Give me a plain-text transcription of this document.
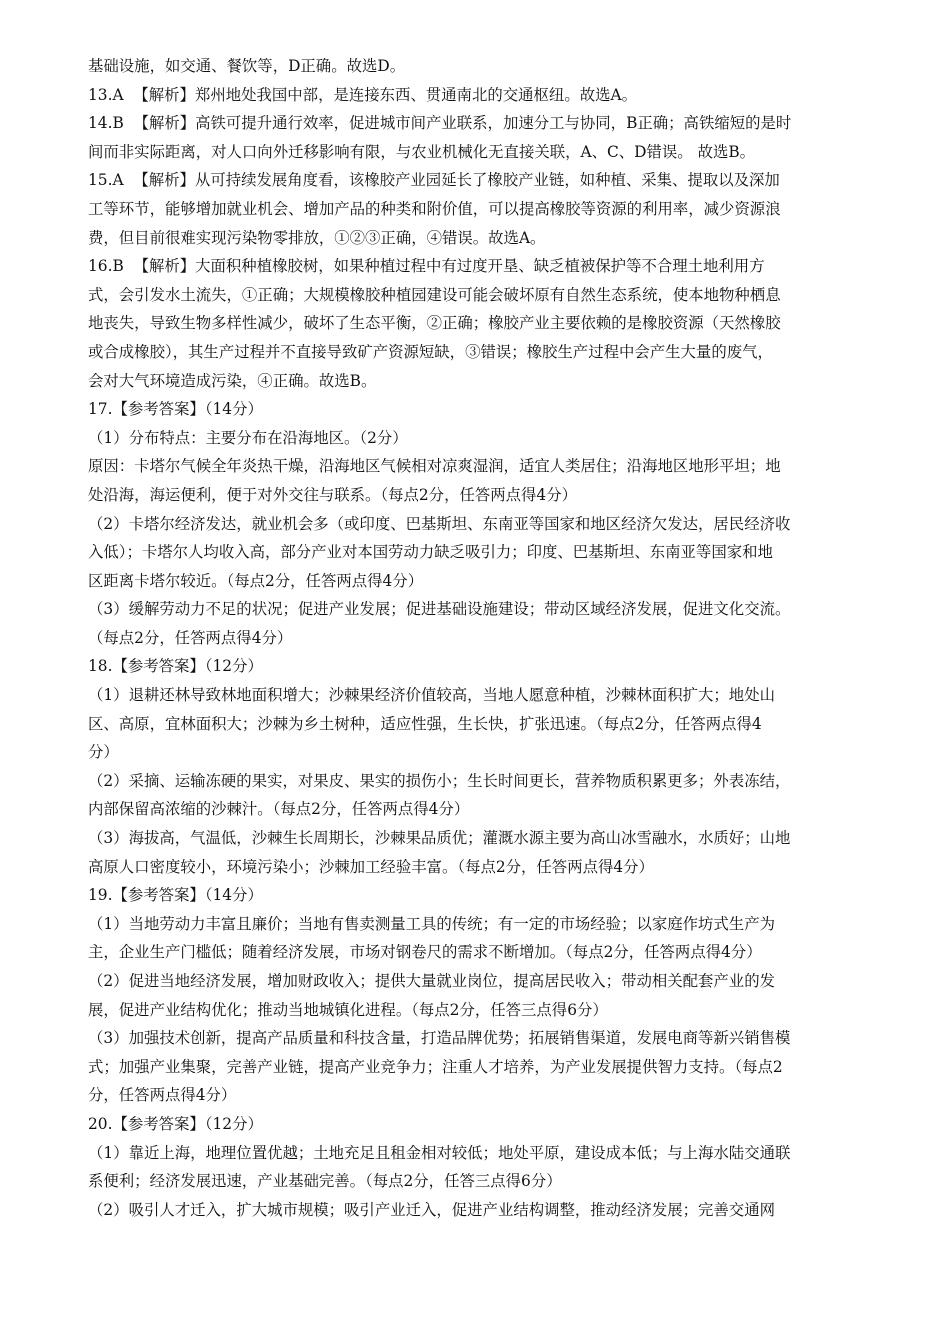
基础设施，如交通、餐饮等，D正确。故选D。
13.A  【解析】郑州地处我国中部，是连接东西、贯通南北的交通枢纽。故选A。
14.B  【解析】高铁可提升通行效率，促进城市间产业联系，加速分工与协同，B正确；高铁缩短的是时
间而非实际距离，对人口向外迁移影响有限，与农业机械化无直接关联，A、C、D错误。 故选B。
15.A  【解析】从可持续发展角度看，该橡胶产业园延长了橡胶产业链，如种植、采集、提取以及深加
工等环节，能够增加就业机会、增加产品的种类和附价值，可以提高橡胶等资源的利用率，减少资源浪
费，但目前很难实现污染物零排放，①②③正确，④错误。故选A。
16.B  【解析】大面积种植橡胶树，如果种植过程中有过度开垦、缺乏植被保护等不合理土地利用方
式，会引发水土流失，①正确；大规模橡胶种植园建设可能会破坏原有自然生态系统，使本地物种栖息
地丧失，导致生物多样性减少，破坏了生态平衡，②正确；橡胶产业主要依赖的是橡胶资源（天然橡胶
或合成橡胶），其生产过程并不直接导致矿产资源短缺，③错误；橡胶生产过程中会产生大量的废气，
会对大气环境造成污染，④正确。故选B。
17.【参考答案】（14分）
（1）分布特点：主要分布在沿海地区。（2分）
原因：卡塔尔气候全年炎热干燥，沿海地区气候相对凉爽湿润，适宜人类居住；沿海地区地形平坦；地
处沿海，海运便利，便于对外交往与联系。（每点2分，任答两点得4分）
（2）卡塔尔经济发达，就业机会多（或印度、巴基斯坦、东南亚等国家和地区经济欠发达，居民经济收
入低）；卡塔尔人均收入高，部分产业对本国劳动力缺乏吸引力；印度、巴基斯坦、东南亚等国家和地
区距离卡塔尔较近。（每点2分，任答两点得4分）
（3）缓解劳动力不足的状况；促进产业发展；促进基础设施建设；带动区域经济发展，促进文化交流。
（每点2分，任答两点得4分）
18.【参考答案】（12分）
（1）退耕还林导致林地面积增大；沙棘果经济价值较高，当地人愿意种植，沙棘林面积扩大；地处山
区、高原，宜林面积大；沙棘为乡土树种，适应性强，生长快，扩张迅速。（每点2分，任答两点得4
分）
（2）采摘、运输冻硬的果实，对果皮、果实的损伤小；生长时间更长，营养物质积累更多；外表冻结，
内部保留高浓缩的沙棘汁。（每点2分，任答两点得4分）
（3）海拔高，气温低，沙棘生长周期长，沙棘果品质优；灌溉水源主要为高山冰雪融水，水质好；山地
高原人口密度较小，环境污染小；沙棘加工经验丰富。（每点2分，任答两点得4分）
19.【参考答案】（14分）
（1）当地劳动力丰富且廉价；当地有售卖测量工具的传统；有一定的市场经验；以家庭作坊式生产为
主，企业生产门槛低；随着经济发展，市场对钢卷尺的需求不断增加。（每点2分，任答两点得4分）
（2）促进当地经济发展，增加财政收入；提供大量就业岗位，提高居民收入；带动相关配套产业的发
展，促进产业结构优化；推动当地城镇化进程。（每点2分，任答三点得6分）
（3）加强技术创新，提高产品质量和科技含量，打造品牌优势；拓展销售渠道，发展电商等新兴销售模
式；加强产业集聚，完善产业链，提高产业竞争力；注重人才培养，为产业发展提供智力支持。（每点2
分，任答两点得4分）
20.【参考答案】（12分）
（1）靠近上海，地理位置优越；土地充足且租金相对较低；地处平原，建设成本低；与上海水陆交通联
系便利；经济发展迅速，产业基础完善。（每点2分，任答三点得6分）
（2）吸引人才迁入，扩大城市规模；吸引产业迁入，促进产业结构调整，推动经济发展；完善交通网
